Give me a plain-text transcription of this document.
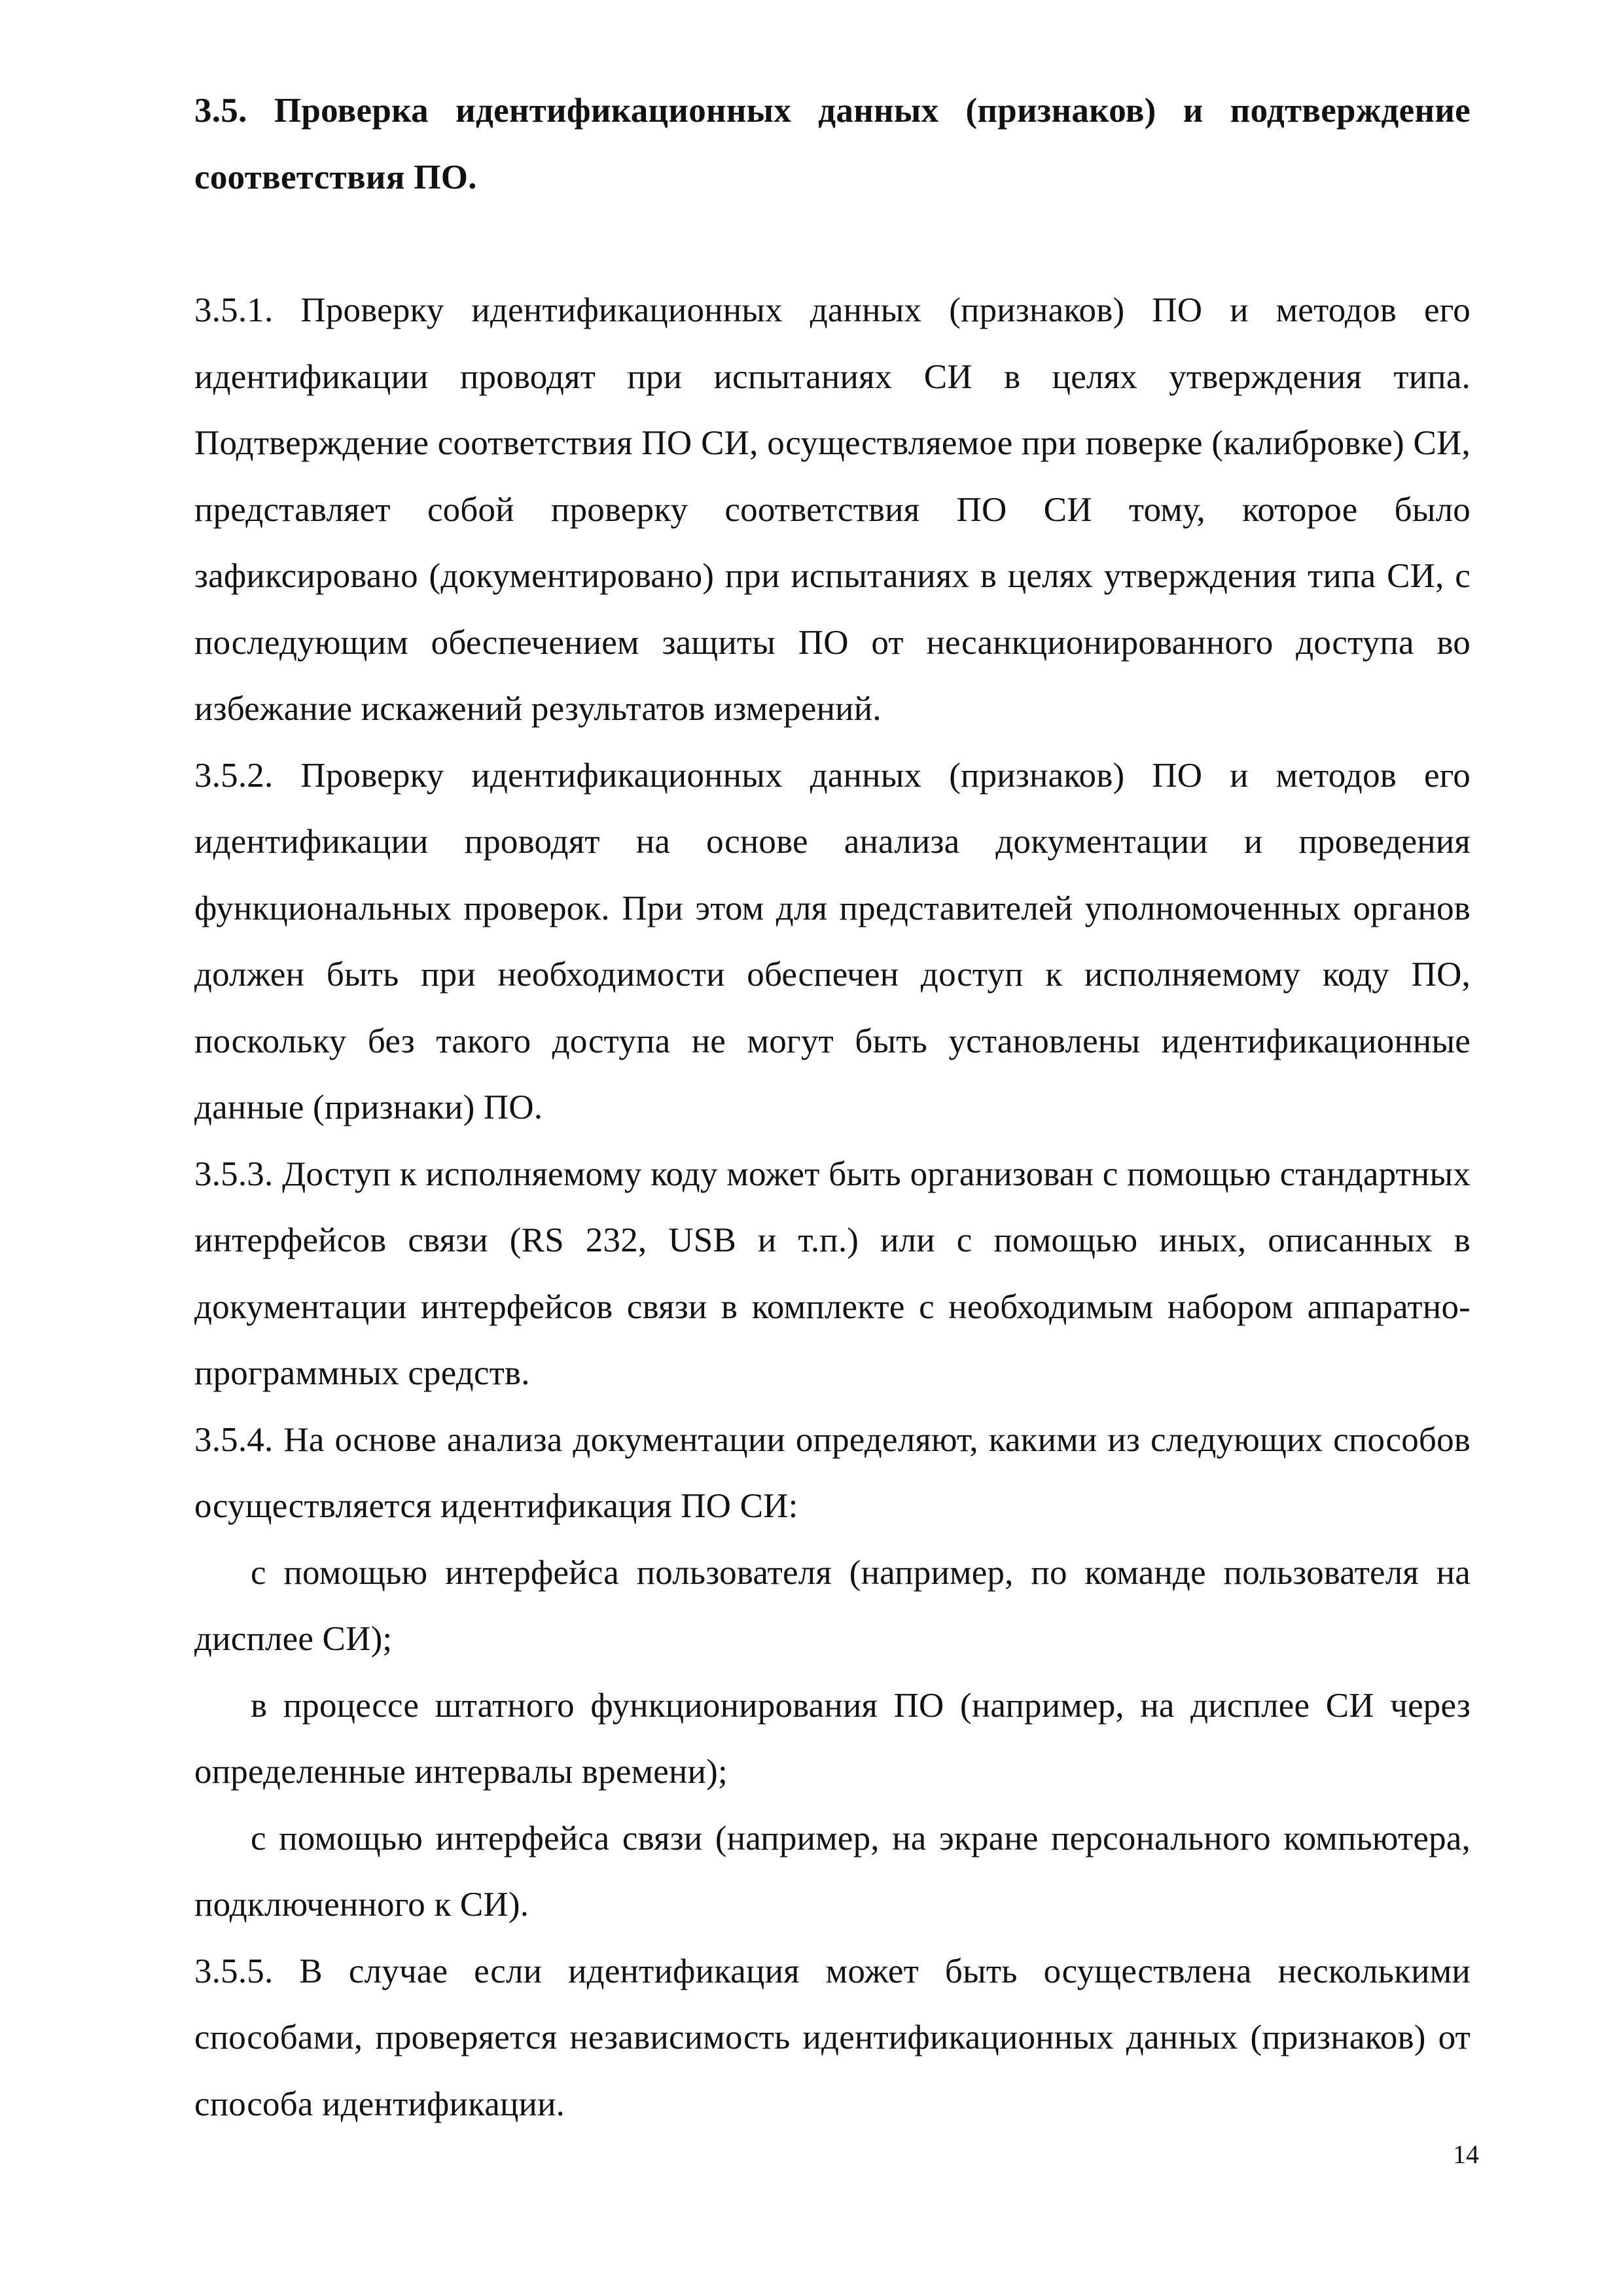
3.5. Проверка идентификационных данных (признаков) и подтверждение соответствия ПО.

3.5.1. Проверку идентификационных данных (признаков) ПО и методов его идентификации проводят при испытаниях СИ в целях утверждения типа. Подтверждение соответствия ПО СИ, осуществляемое при поверке (калибровке) СИ, представляет собой проверку соответствия ПО СИ тому, которое было зафиксировано (документировано) при испытаниях в целях утверждения типа СИ, с последующим обеспечением защиты ПО от несанкционированного доступа во избежание искажений результатов измерений.

3.5.2. Проверку идентификационных данных (признаков) ПО и методов его идентификации проводят на основе анализа документации и проведения функциональных проверок. При этом для представителей уполномоченных органов должен быть при необходимости обеспечен доступ к исполняемому коду ПО, поскольку без такого доступа не могут быть установлены идентификационные данные (признаки) ПО.

3.5.3. Доступ к исполняемому коду может быть организован с помощью стандартных интерфейсов связи (RS 232, USB и т.п.) или с помощью иных, описанных в документации интерфейсов связи в комплекте с необходимым набором аппаратно-программных средств.

3.5.4. На основе анализа документации определяют, какими из следующих способов осуществляется идентификация ПО СИ:

с помощью интерфейса пользователя (например, по команде пользователя на дисплее СИ);

в процессе штатного функционирования ПО (например, на дисплее СИ через определенные интервалы времени);

с помощью интерфейса связи (например, на экране персонального компьютера, подключенного к СИ).

3.5.5. В случае если идентификация может быть осуществлена несколькими способами, проверяется независимость идентификационных данных (признаков) от способа идентификации.

14
